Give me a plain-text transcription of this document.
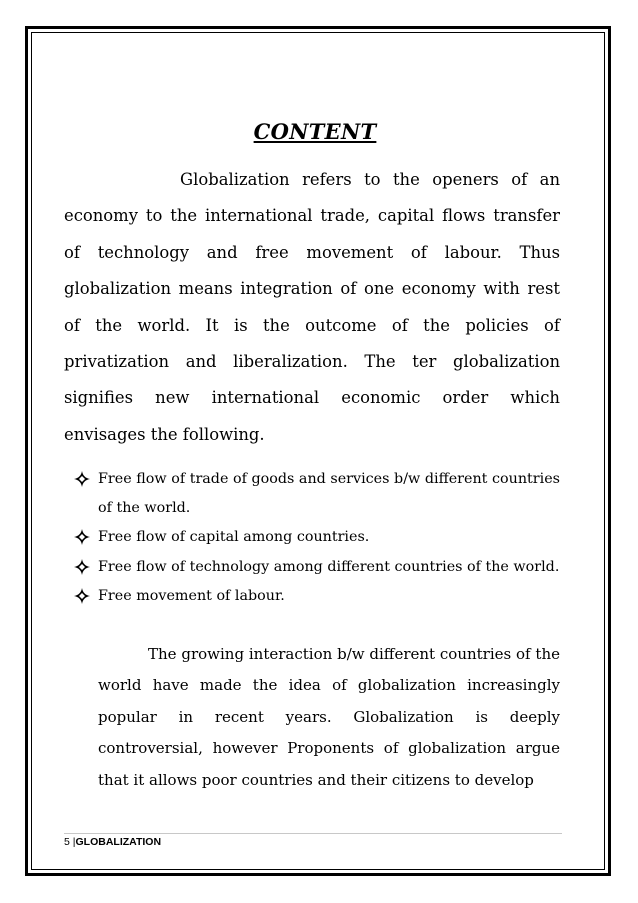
CONTENT

Globalization refers to the openers of an economy to the international trade, capital flows transfer of technology and free movement of labour. Thus globalization means integration of one economy with rest of the world. It is the outcome of the policies of privatization and liberalization. The ter globalization signifies new international economic order which envisages the following.

Free flow of trade of goods and services b/w different countries of the world.
Free flow of capital among countries.
Free flow of technology among different countries of the world.
Free movement of labour.

The growing interaction b/w different countries of the world have made the idea of globalization increasingly popular in recent years. Globalization is deeply controversial, however Proponents of globalization argue that it allows poor countries and their citizens to develop

5 |GLOBALIZATION
